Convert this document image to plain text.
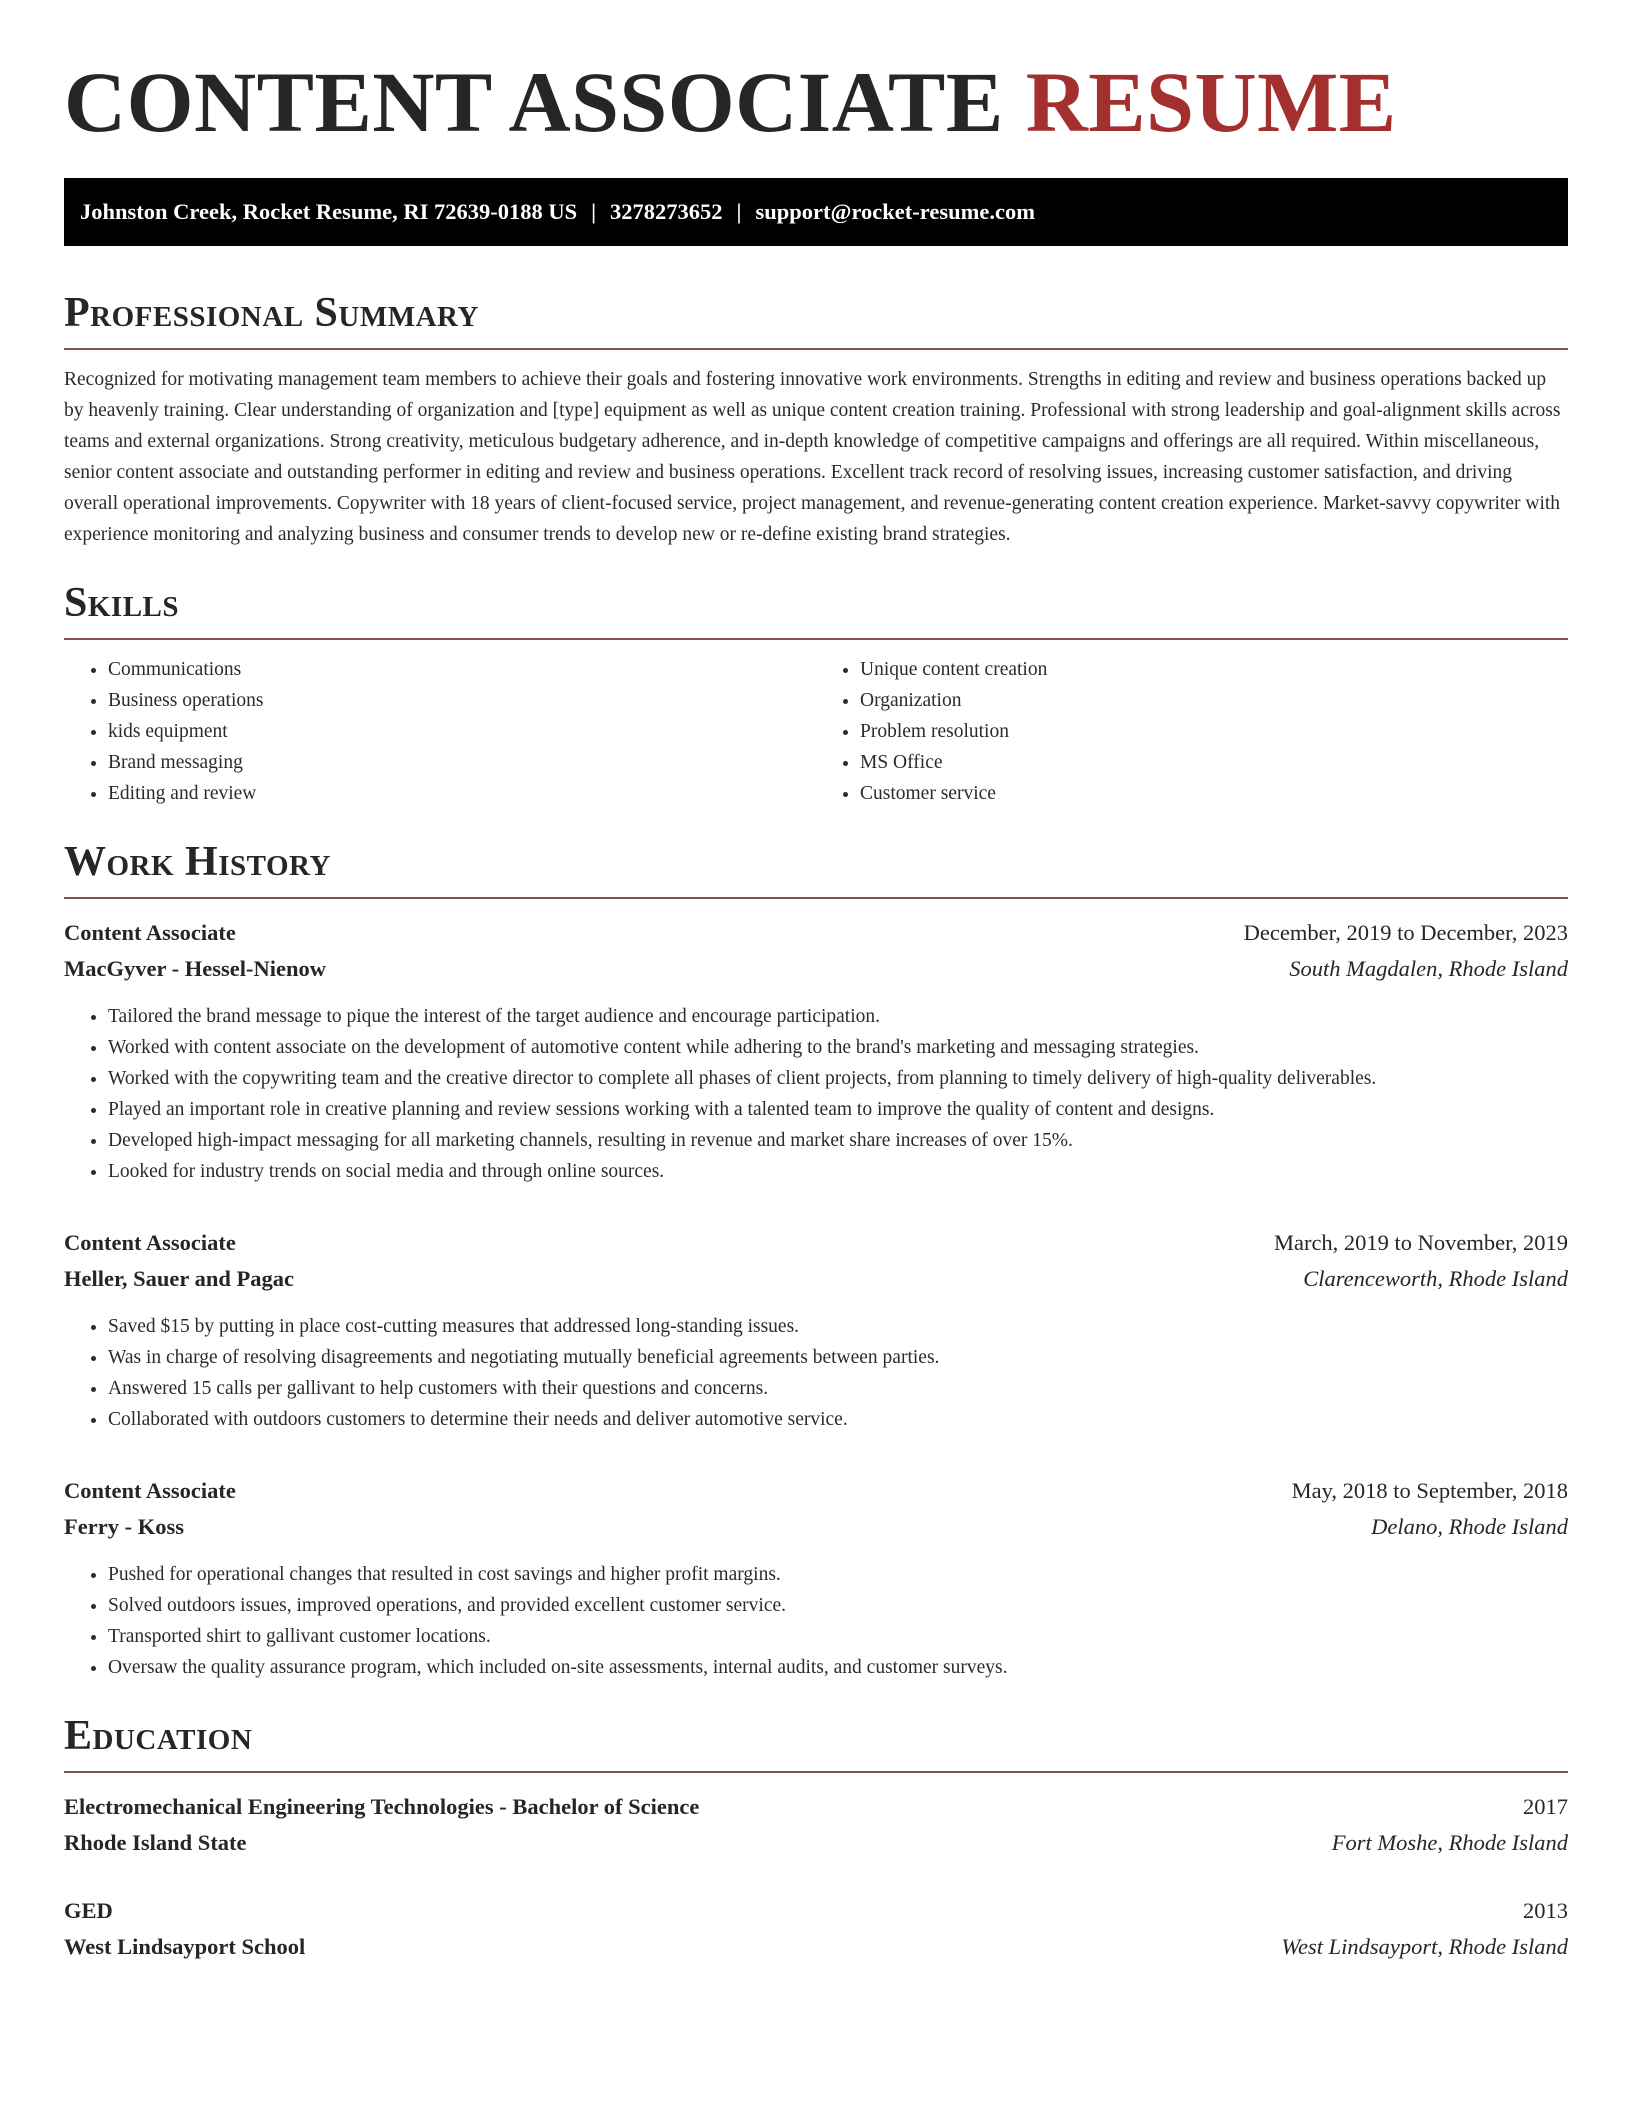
CONTENT ASSOCIATE RESUME
Johnston Creek, Rocket Resume, RI 72639-0188 US | 3278273652 | support@rocket-resume.com
Professional Summary

Recognized for motivating management team members to achieve their goals and fostering innovative work environments. Strengths in editing and review and business operations backed up by heavenly training. Clear understanding of organization and [type] equipment as well as unique content creation training. Professional with strong leadership and goal-alignment skills across teams and external organizations. Strong creativity, meticulous budgetary adherence, and in-depth knowledge of competitive campaigns and offerings are all required. Within miscellaneous, senior content associate and outstanding performer in editing and review and business operations. Excellent track record of resolving issues, increasing customer satisfaction, and driving overall operational improvements. Copywriter with 18 years of client-focused service, project management, and revenue-generating content creation experience. Market-savvy copywriter with experience monitoring and analyzing business and consumer trends to develop new or re-define existing brand strategies.

Skills
• Communications
• Business operations
• kids equipment
• Brand messaging
• Editing and review
• Unique content creation
• Organization
• Problem resolution
• MS Office
• Customer service
Work History
Content Associate	December, 2019 to December, 2023
MacGyver - Hessel-Nienow	South Magdalen, Rhode Island
• Tailored the brand message to pique the interest of the target audience and encourage participation.
• Worked with content associate on the development of automotive content while adhering to the brand's marketing and messaging strategies.
• Worked with the copywriting team and the creative director to complete all phases of client projects, from planning to timely delivery of high-quality deliverables.
• Played an important role in creative planning and review sessions working with a talented team to improve the quality of content and designs.
• Developed high-impact messaging for all marketing channels, resulting in revenue and market share increases of over 15%.
• Looked for industry trends on social media and through online sources.
Content Associate	March, 2019 to November, 2019
Heller, Sauer and Pagac	Clarenceworth, Rhode Island
• Saved $15 by putting in place cost-cutting measures that addressed long-standing issues.
• Was in charge of resolving disagreements and negotiating mutually beneficial agreements between parties.
• Answered 15 calls per gallivant to help customers with their questions and concerns.
• Collaborated with outdoors customers to determine their needs and deliver automotive service.
Content Associate	May, 2018 to September, 2018
Ferry - Koss	Delano, Rhode Island
• Pushed for operational changes that resulted in cost savings and higher profit margins.
• Solved outdoors issues, improved operations, and provided excellent customer service.
• Transported shirt to gallivant customer locations.
• Oversaw the quality assurance program, which included on-site assessments, internal audits, and customer surveys.
Education
Electromechanical Engineering Technologies - Bachelor of Science	2017
Rhode Island State	Fort Moshe, Rhode Island
GED	2013
West Lindsayport School	West Lindsayport, Rhode Island
